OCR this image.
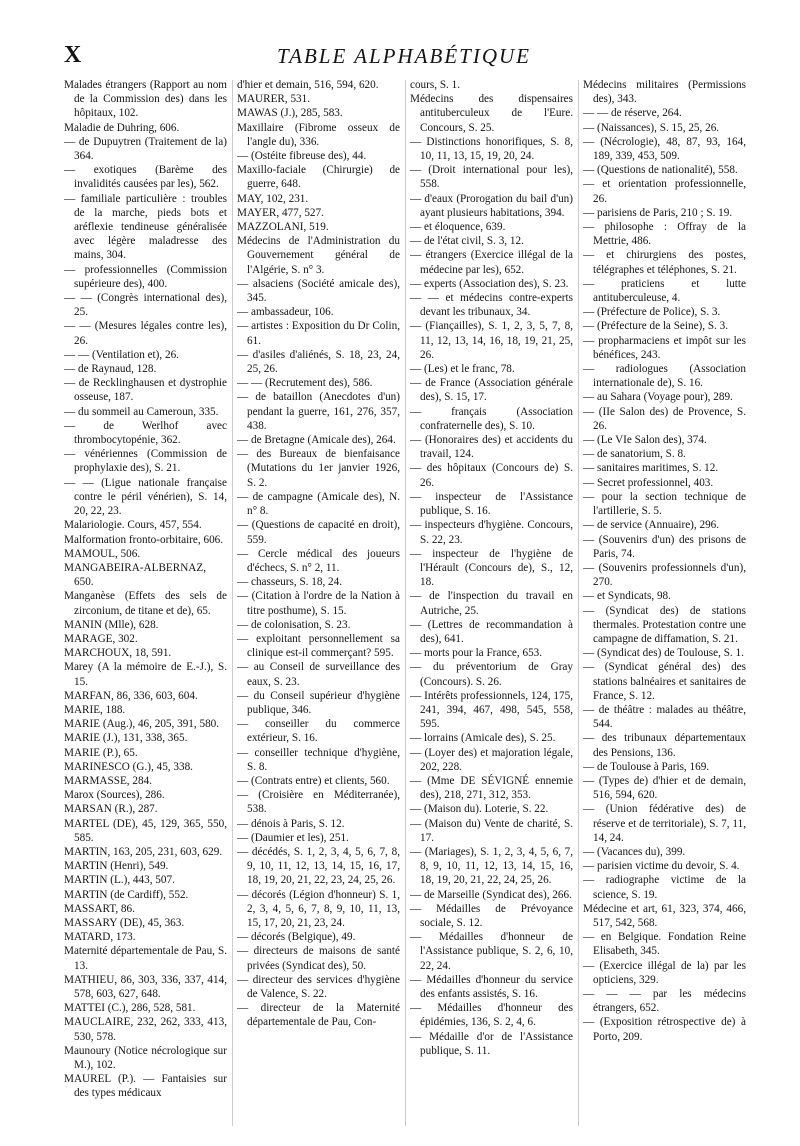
X	TABLE ALPHABÉTIQUE

Malades étrangers (Rapport au nom de la Commission des) dans les hôpitaux, 102.

Maladie de Duhring, 606.

— de Dupuytren (Traitement de la) 364.

— exotiques (Barème des invalidités causées par les), 562.

— familiale particulière : troubles de la marche, pieds bots et aréflexie tendineuse généralisée avec légère maladresse des mains, 304.

— professionnelles (Commission supérieure des), 400.

— — (Congrès international des), 25.

— — (Mesures légales contre les), 26.

— — (Ventilation et), 26.

— de Raynaud, 128.

— de Recklinghausen et dystrophie osseuse, 187.

— du sommeil au Cameroun, 335.

— de Werlhof avec thrombocytopénie, 362.

— vénériennes (Commission de prophylaxie des), S. 21.

— — (Ligue nationale française contre le péril vénérien), S. 14, 20, 22, 23.

Malariologie. Cours, 457, 554.

Malformation fronto-orbitaire, 606.

MAMOUL, 506.

MANGABEIRA-ALBERNAZ, 650.

Manganèse (Effets des sels de zirconium, de titane et de), 65.

MANIN (Mlle), 628.

MARAGE, 302.

MARCHOUX, 18, 591.

Marey (A la mémoire de E.-J.), S. 15.

MARFAN, 86, 336, 603, 604.

MARIE, 188.

MARIE (Aug.), 46, 205, 391, 580.

MARIE (J.), 131, 338, 365.

MARIE (P.), 65.

MARINESCO (G.), 45, 338.

MARMASSE, 284.

Marox (Sources), 286.

MARSAN (R.), 287.

MARTEL (DE), 45, 129, 365, 550, 585.

MARTIN, 163, 205, 231, 603, 629.

MARTIN (Henri), 549.

MARTIN (L.), 443, 507.

MARTIN (de Cardiff), 552.

MASSART, 86.

MASSARY (DE), 45, 363.

MATARD, 173.

Maternité départementale de Pau, S. 13.

MATHIEU, 86, 303, 336, 337, 414, 578, 603, 627, 648.

MATTEI (C.), 286, 528, 581.

MAUCLAIRE, 232, 262, 333, 413, 530, 578.

Maunoury (Notice nécrologique sur M.), 102.

MAUREL (P.). — Fantaisies sur des types médicaux

d'hier et demain, 516, 594, 620.

MAURER, 531.

MAWAS (J.), 285, 583.

Maxillaire (Fibrome osseux de l'angle du), 336.

— (Ostéite fibreuse des), 44.

Maxillo-faciale (Chirurgie) de guerre, 648.

MAY, 102, 231.

MAYER, 477, 527.

MAZZOLANI, 519.

Médecins de l'Administration du Gouvernement général de l'Algérie, S. n° 3.

— alsaciens (Société amicale des), 345.

— ambassadeur, 106.

— artistes : Exposition du Dr Colin, 61.

— d'asiles d'aliénés, S. 18, 23, 24, 25, 26.

— — (Recrutement des), 586.

— de bataillon (Anecdotes d'un) pendant la guerre, 161, 276, 357, 438.

— de Bretagne (Amicale des), 264.

— des Bureaux de bienfaisance (Mutations du 1er janvier 1926, S. 2.

— de campagne (Amicale des), N. n° 8.

— (Questions de capacité en droit), 559.

— Cercle médical des joueurs d'échecs, S. n° 2, 11.

— chasseurs, S. 18, 24.

— (Citation à l'ordre de la Nation à titre posthume), S. 15.

— de colonisation, S. 23.

— exploitant personnellement sa clinique est-il commerçant? 595.

— au Conseil de surveillance des eaux, S. 23.

— du Conseil supérieur d'hygiène publique, 346.

— conseiller du commerce extérieur, S. 16.

— conseiller technique d'hygiène, S. 8.

— (Contrats entre) et clients, 560.

— (Croisière en Méditerranée), 538.

— dénois à Paris, S. 12.

— (Daumier et les), 251.

— décédés, S. 1, 2, 3, 4, 5, 6, 7, 8, 9, 10, 11, 12, 13, 14, 15, 16, 17, 18, 19, 20, 21, 22, 23, 24, 25, 26.

— décorés (Légion d'honneur) S. 1, 2, 3, 4, 5, 6, 7, 8, 9, 10, 11, 13, 15, 17, 20, 21, 23, 24.

— décorés (Belgique), 49.

— directeurs de maisons de santé privées (Syndicat des), 50.

— directeur des services d'hygiène de Valence, S. 22.

— directeur de la Maternité départementale de Pau, Con-

cours, S. 1.

Médecins des dispensaires antituberculeux de l'Eure. Concours, S. 25.

— Distinctions honorifiques, S. 8, 10, 11, 13, 15, 19, 20, 24.

— (Droit international pour les), 558.

— d'eaux (Prorogation du bail d'un) ayant plusieurs habitations, 394.

— et éloquence, 639.

— de l'état civil, S. 3, 12.

— étrangers (Exercice illégal de la médecine par les), 652.

— experts (Association des), S. 23.

— — et médecins contre-experts devant les tribunaux, 34.

— (Fiançailles), S. 1, 2, 3, 5, 7, 8, 11, 12, 13, 14, 16, 18, 19, 21, 25, 26.

— (Les) et le franc, 78.

— de France (Association générale des), S. 15, 17.

— français (Association confraternelle des), S. 10.

— (Honoraires des) et accidents du travail, 124.

— des hôpitaux (Concours de) S. 26.

— inspecteur de l'Assistance publique, S. 16.

— inspecteurs d'hygiène. Concours, S. 22, 23.

— inspecteur de l'hygiène de l'Hérault (Concours de), S., 12, 18.

— de l'inspection du travail en Autriche, 25.

— (Lettres de recommandation à des), 641.

— morts pour la France, 653.

— du préventorium de Gray (Concours). S. 26.

— Intérêts professionnels, 124, 175, 241, 394, 467, 498, 545, 558, 595.

— lorrains (Amicale des), S. 25.

— (Loyer des) et majoration légale, 202, 228.

— (Mme DE SÉVIGNÉ ennemie des), 218, 271, 312, 353.

— (Maison du). Loterie, S. 22.

— (Maison du) Vente de charité, S. 17.

— (Mariages), S. 1, 2, 3, 4, 5, 6, 7, 8, 9, 10, 11, 12, 13, 14, 15, 16, 18, 19, 20, 21, 22, 24, 25, 26.

— de Marseille (Syndicat des), 266.

— Médailles de Prévoyance sociale, S. 12.

— Médailles d'honneur de l'Assistance publique, S. 2, 6, 10, 22, 24.

— Médailles d'honneur du service des enfants assistés, S. 16.

— Médailles d'honneur des épidémies, 136, S. 2, 4, 6.

— Médaille d'or de l'Assistance publique, S. 11.

Médecins militaires (Permissions des), 343.

— — de réserve, 264.

— (Naissances), S. 15, 25, 26.

— (Nécrologie), 48, 87, 93, 164, 189, 339, 453, 509.

— (Questions de nationalité), 558.

— et orientation professionnelle, 26.

— parisiens de Paris, 210 ; S. 19.

— philosophe : Offray de la Mettrie, 486.

— et chirurgiens des postes, télégraphes et téléphones, S. 21.

— praticiens et lutte antituberculeuse, 4.

— (Préfecture de Police), S. 3.

— (Préfecture de la Seine), S. 3.

— propharmaciens et impôt sur les bénéfices, 243.

— radiologues (Association internationale de), S. 16.

— au Sahara (Voyage pour), 289.

— (IIe Salon des) de Provence, S. 26.

— (Le VIe Salon des), 374.

— de sanatorium, S. 8.

— sanitaires maritimes, S. 12.

— Secret professionnel, 403.

— pour la section technique de l'artillerie, S. 5.

— de service (Annuaire), 296.

— (Souvenirs d'un) des prisons de Paris, 74.

— (Souvenirs professionnels d'un), 270.

— et Syndicats, 98.

— (Syndicat des) de stations thermales. Protestation contre une campagne de diffamation, S. 21.

— (Syndicat des) de Toulouse, S. 1.

— (Syndicat général des) des stations balnéaires et sanitaires de France, S. 12.

— de théâtre : malades au théâtre, 544.

— des tribunaux départementaux des Pensions, 136.

— de Toulouse à Paris, 169.

— (Types de) d'hier et de demain, 516, 594, 620.

— (Union fédérative des) de réserve et de territoriale), S. 7, 11, 14, 24.

— (Vacances du), 399.

— parisien victime du devoir, S. 4.

— radiographe victime de la science, S. 19.

Médecine et art, 61, 323, 374, 466, 517, 542, 568.

— en Belgique. Fondation Reine Elisabeth, 345.

— (Exercice illégal de la) par les opticiens, 329.

— — — par les médecins étrangers, 652.

— (Exposition rétrospective de) à Porto, 209.
